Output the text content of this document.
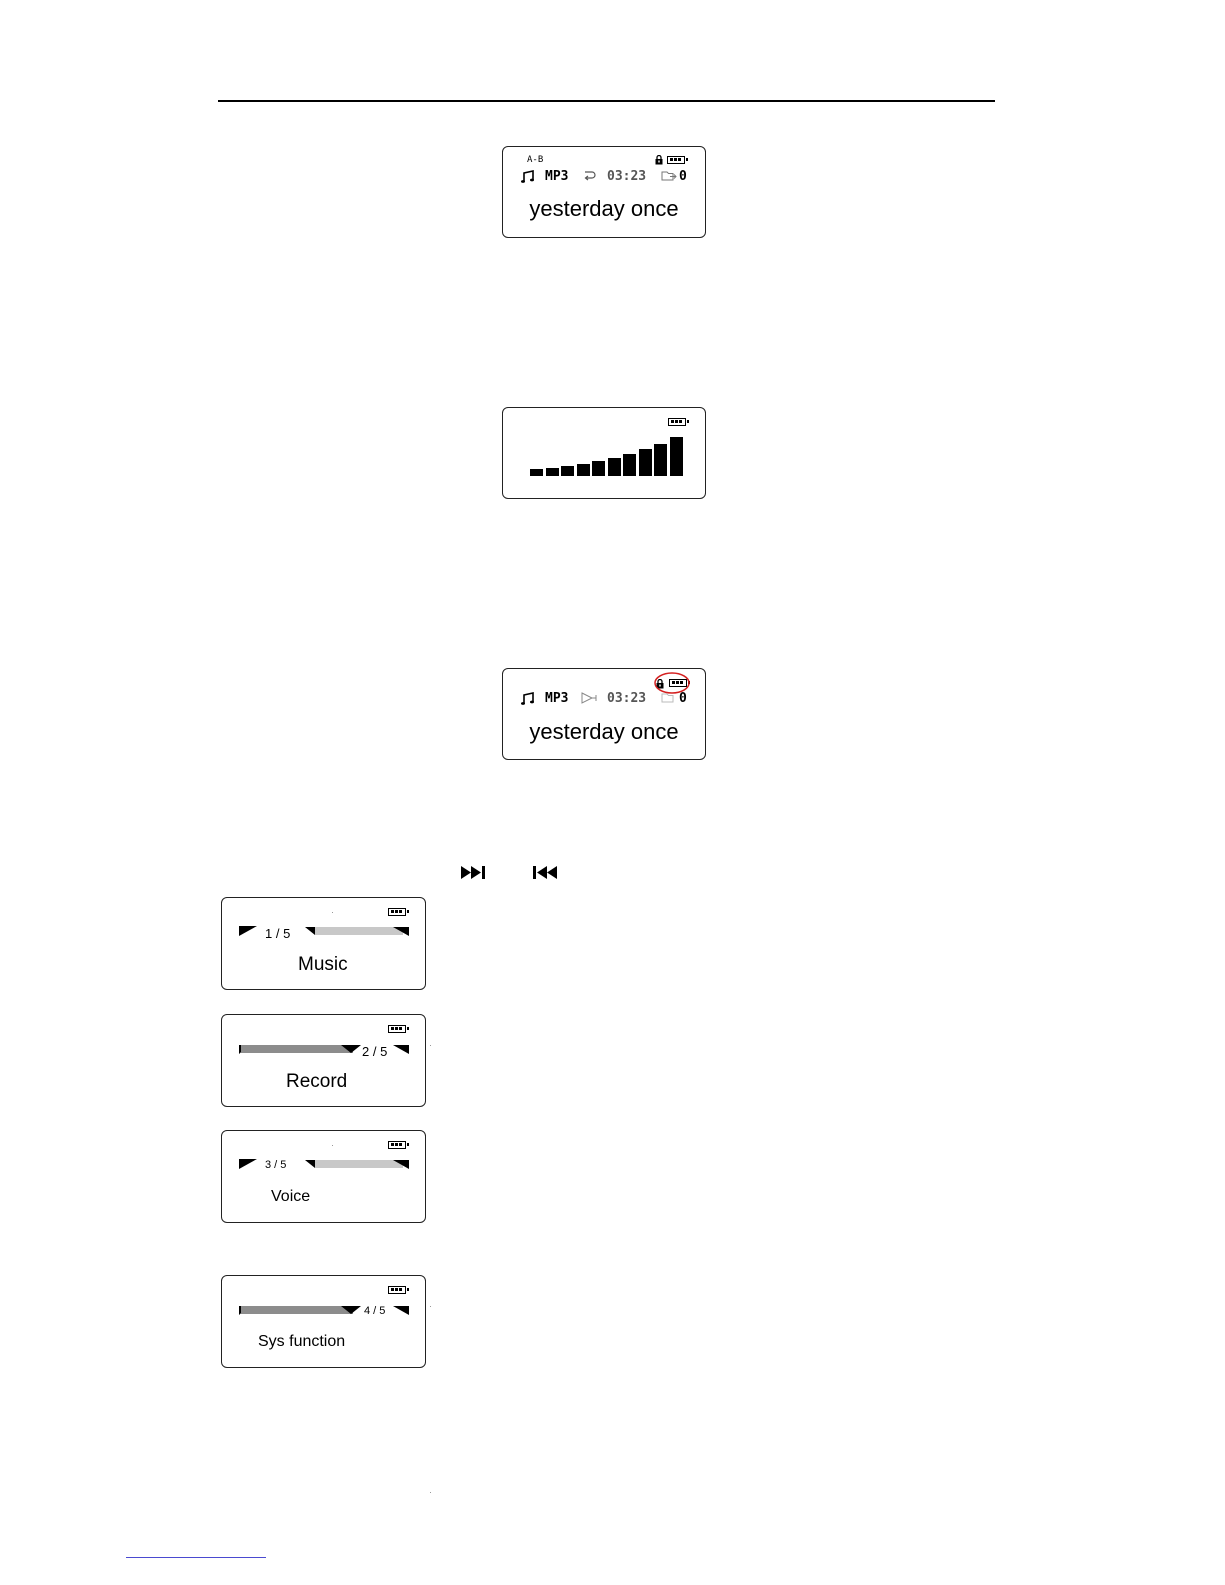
A-B
MP3	03:23	0
yesterday once
MP3	03:23	0
yesterday once
1 / 5
Music
2 / 5
Record
3 / 5
Voice
4 / 5
Sys function
